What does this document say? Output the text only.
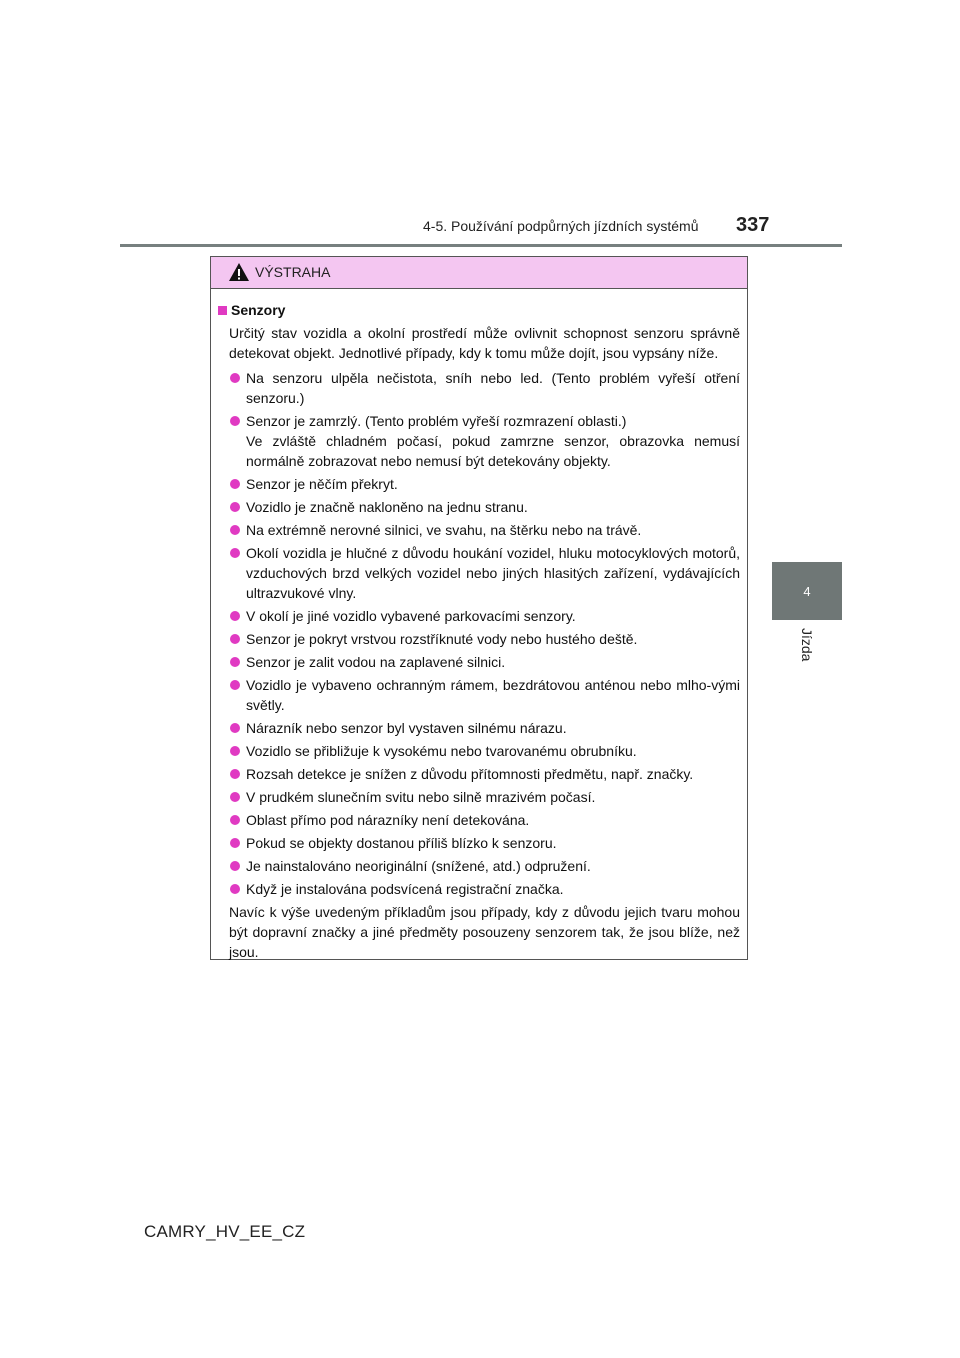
4-5. Používání podpůrných jízdních systémů 337
4
Jízda
VÝSTRAHA
Senzory

Určitý stav vozidla a okolní prostředí může ovlivnit schopnost senzoru správně detekovat objekt. Jednotlivé případy, kdy k tomu může dojít, jsou vypsány níže.

Na senzoru ulpěla nečistota, sníh nebo led. (Tento problém vyřeší otření senzoru.)
Senzor je zamrzlý. (Tento problém vyřeší rozmrazení oblasti.)
Ve zvláště chladném počasí, pokud zamrzne senzor, obrazovka nemusí normálně zobrazovat nebo nemusí být detekovány objekty.
Senzor je něčím překryt.
Vozidlo je značně nakloněno na jednu stranu.
Na extrémně nerovné silnici, ve svahu, na štěrku nebo na trávě.
Okolí vozidla je hlučné z důvodu houkání vozidel, hluku motocyklových motorů, vzduchových brzd velkých vozidel nebo jiných hlasitých zařízení, vydávajících ultrazvukové vlny.
V okolí je jiné vozidlo vybavené parkovacími senzory.
Senzor je pokryt vrstvou rozstříknuté vody nebo hustého deště.
Senzor je zalit vodou na zaplavené silnici.
Vozidlo je vybaveno ochranným rámem, bezdrátovou anténou nebo mlho-vými světly.
Nárazník nebo senzor byl vystaven silnému nárazu.
Vozidlo se přibližuje k vysokému nebo tvarovanému obrubníku.
Rozsah detekce je snížen z důvodu přítomnosti předmětu, např. značky.
V prudkém slunečním svitu nebo silně mrazivém počasí.
Oblast přímo pod nárazníky není detekována.
Pokud se objekty dostanou příliš blízko k senzoru.
Je nainstalováno neoriginální (snížené, atd.) odpružení.
Když je instalována podsvícená registrační značka.

Navíc k výše uvedeným příkladům jsou případy, kdy z důvodu jejich tvaru mohou být dopravní značky a jiné předměty posouzeny senzorem tak, že jsou blíže, než jsou.

CAMRY_HV_EE_CZ
